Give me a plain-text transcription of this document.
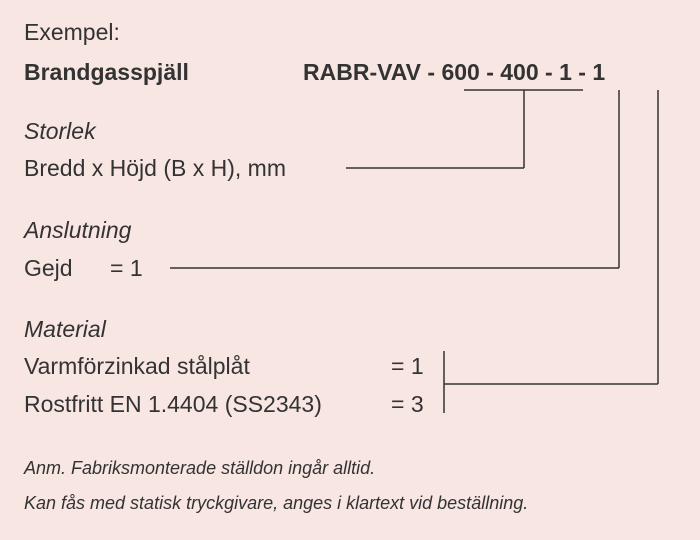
Exempel:
Brandgasspjäll	RABR-VAV - 600 - 400 - 1 - 1
Storlek
Bredd x Höjd (B x H), mm
Anslutning
Gejd = 1
Material
Varmförzinkad stålplåt	= 1
Rostfritt EN 1.4404 (SS2343)	= 3
Anm. Fabriksmonterade ställdon ingår alltid.
Kan fås med statisk tryckgivare, anges i klartext vid beställning.
